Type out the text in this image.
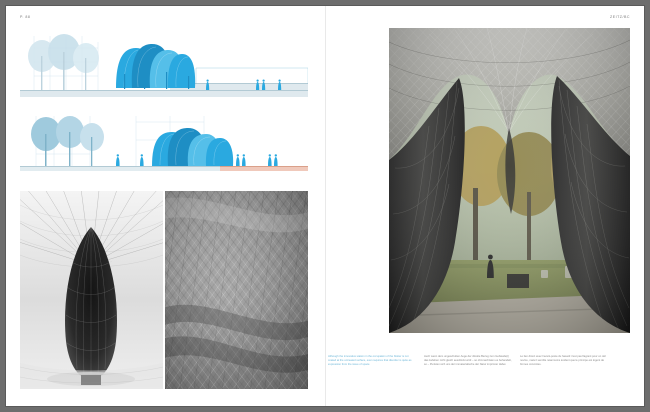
P. 88	ZEITZ/BC
Although the innovative station in the occupation of the blotter is not coated at the untreated surface, even requires that disorder is quite as expression from the issue of space
Auch wenn dem ungeschulten Auge der direkte Bezug zum Gebäude(t) das Aufeben nicht gleich ausdrückt wird – so ohnmachtsten es behandelt, so – Punkten sich uns der immaterialische der Natur imprimier dabei.
Le lien direct avec l'avant-poste du hasard n'est pas flagrant pour un œil novice, mais il semble néanmoins évident que le principe est logent de formes concrètes.
